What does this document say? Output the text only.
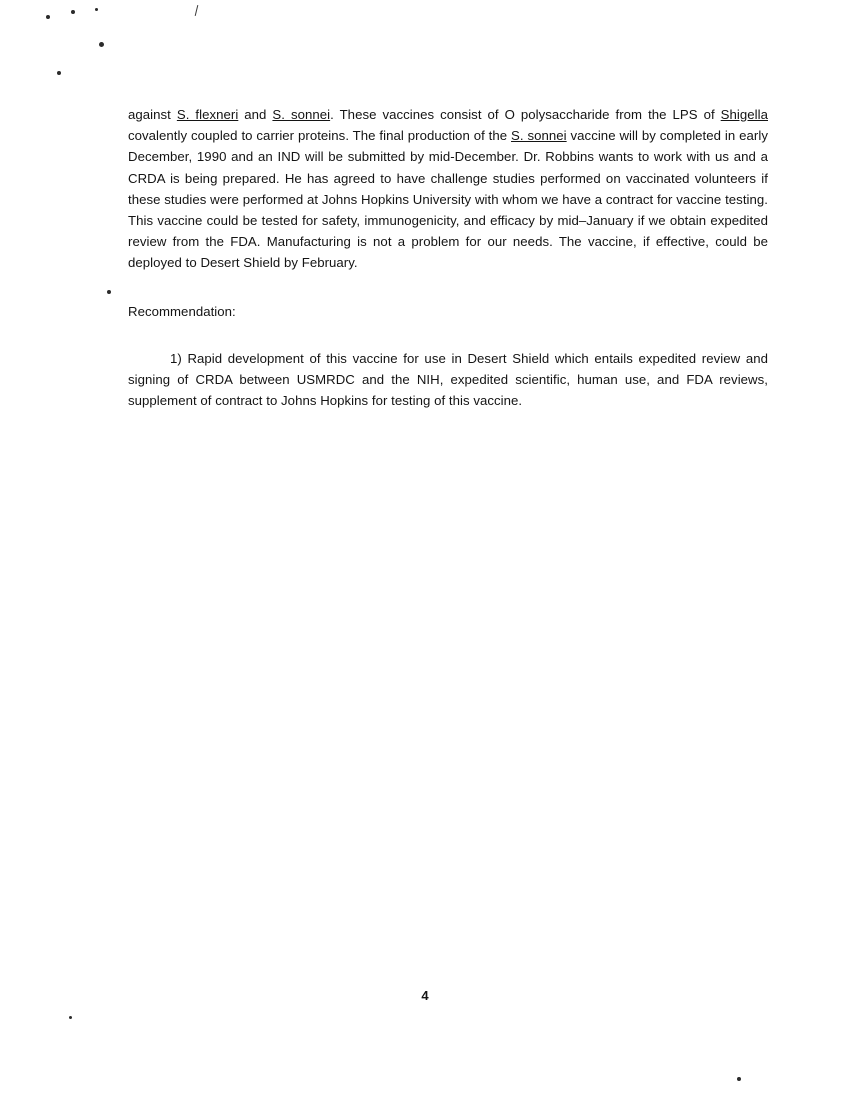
against S. flexneri and S. sonnei. These vaccines consist of O polysaccharide from the LPS of Shigella covalently coupled to carrier proteins. The final production of the S. sonnei vaccine will by completed in early December, 1990 and an IND will be submitted by mid-December. Dr. Robbins wants to work with us and a CRDA is being prepared. He has agreed to have challenge studies performed on vaccinated volunteers if these studies were performed at Johns Hopkins University with whom we have a contract for vaccine testing. This vaccine could be tested for safety, immunogenicity, and efficacy by mid–January if we obtain expedited review from the FDA. Manufacturing is not a problem for our needs. The vaccine, if effective, could be deployed to Desert Shield by February.

Recommendation:

1) Rapid development of this vaccine for use in Desert Shield which entails expedited review and signing of CRDA between USMRDC and the NIH, expedited scientific, human use, and FDA reviews, supplement of contract to Johns Hopkins for testing of this vaccine.

4
